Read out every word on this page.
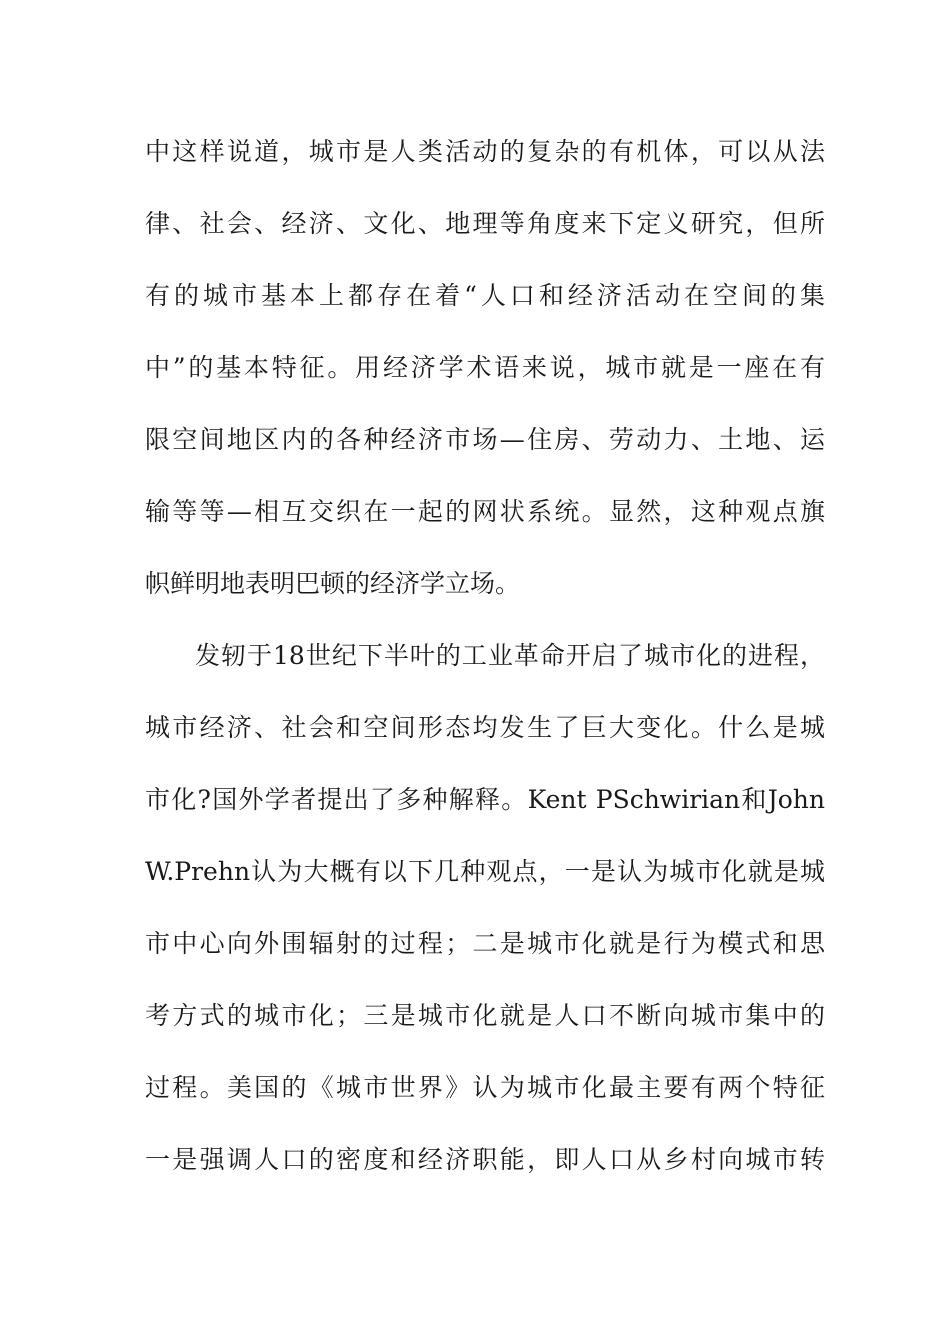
中这样说道，城市是人类活动的复杂的有机体，可以从法
律、社会、经济、文化、地理等角度来下定义研究，但所
有的城市基本上都存在着“人口和经济活动在空间的集
中”的基本特征。用经济学术语来说，城市就是一座在有
限空间地区内的各种经济市场—住房、劳动力、土地、运
输等等—相互交织在一起的网状系统。显然，这种观点旗
帜鲜明地表明巴顿的经济学立场。
发轫于18世纪下半叶的工业革命开启了城市化的进程，
城市经济、社会和空间形态均发生了巨大变化。什么是城
市化?国外学者提出了多种解释。Kent PSchwirian和John
W.Prehn认为大概有以下几种观点，一是认为城市化就是城
市中心向外围辐射的过程；二是城市化就是行为模式和思
考方式的城市化；三是城市化就是人口不断向城市集中的
过程。美国的《城市世界》认为城市化最主要有两个特征
一是强调人口的密度和经济职能，即人口从乡村向城市转
